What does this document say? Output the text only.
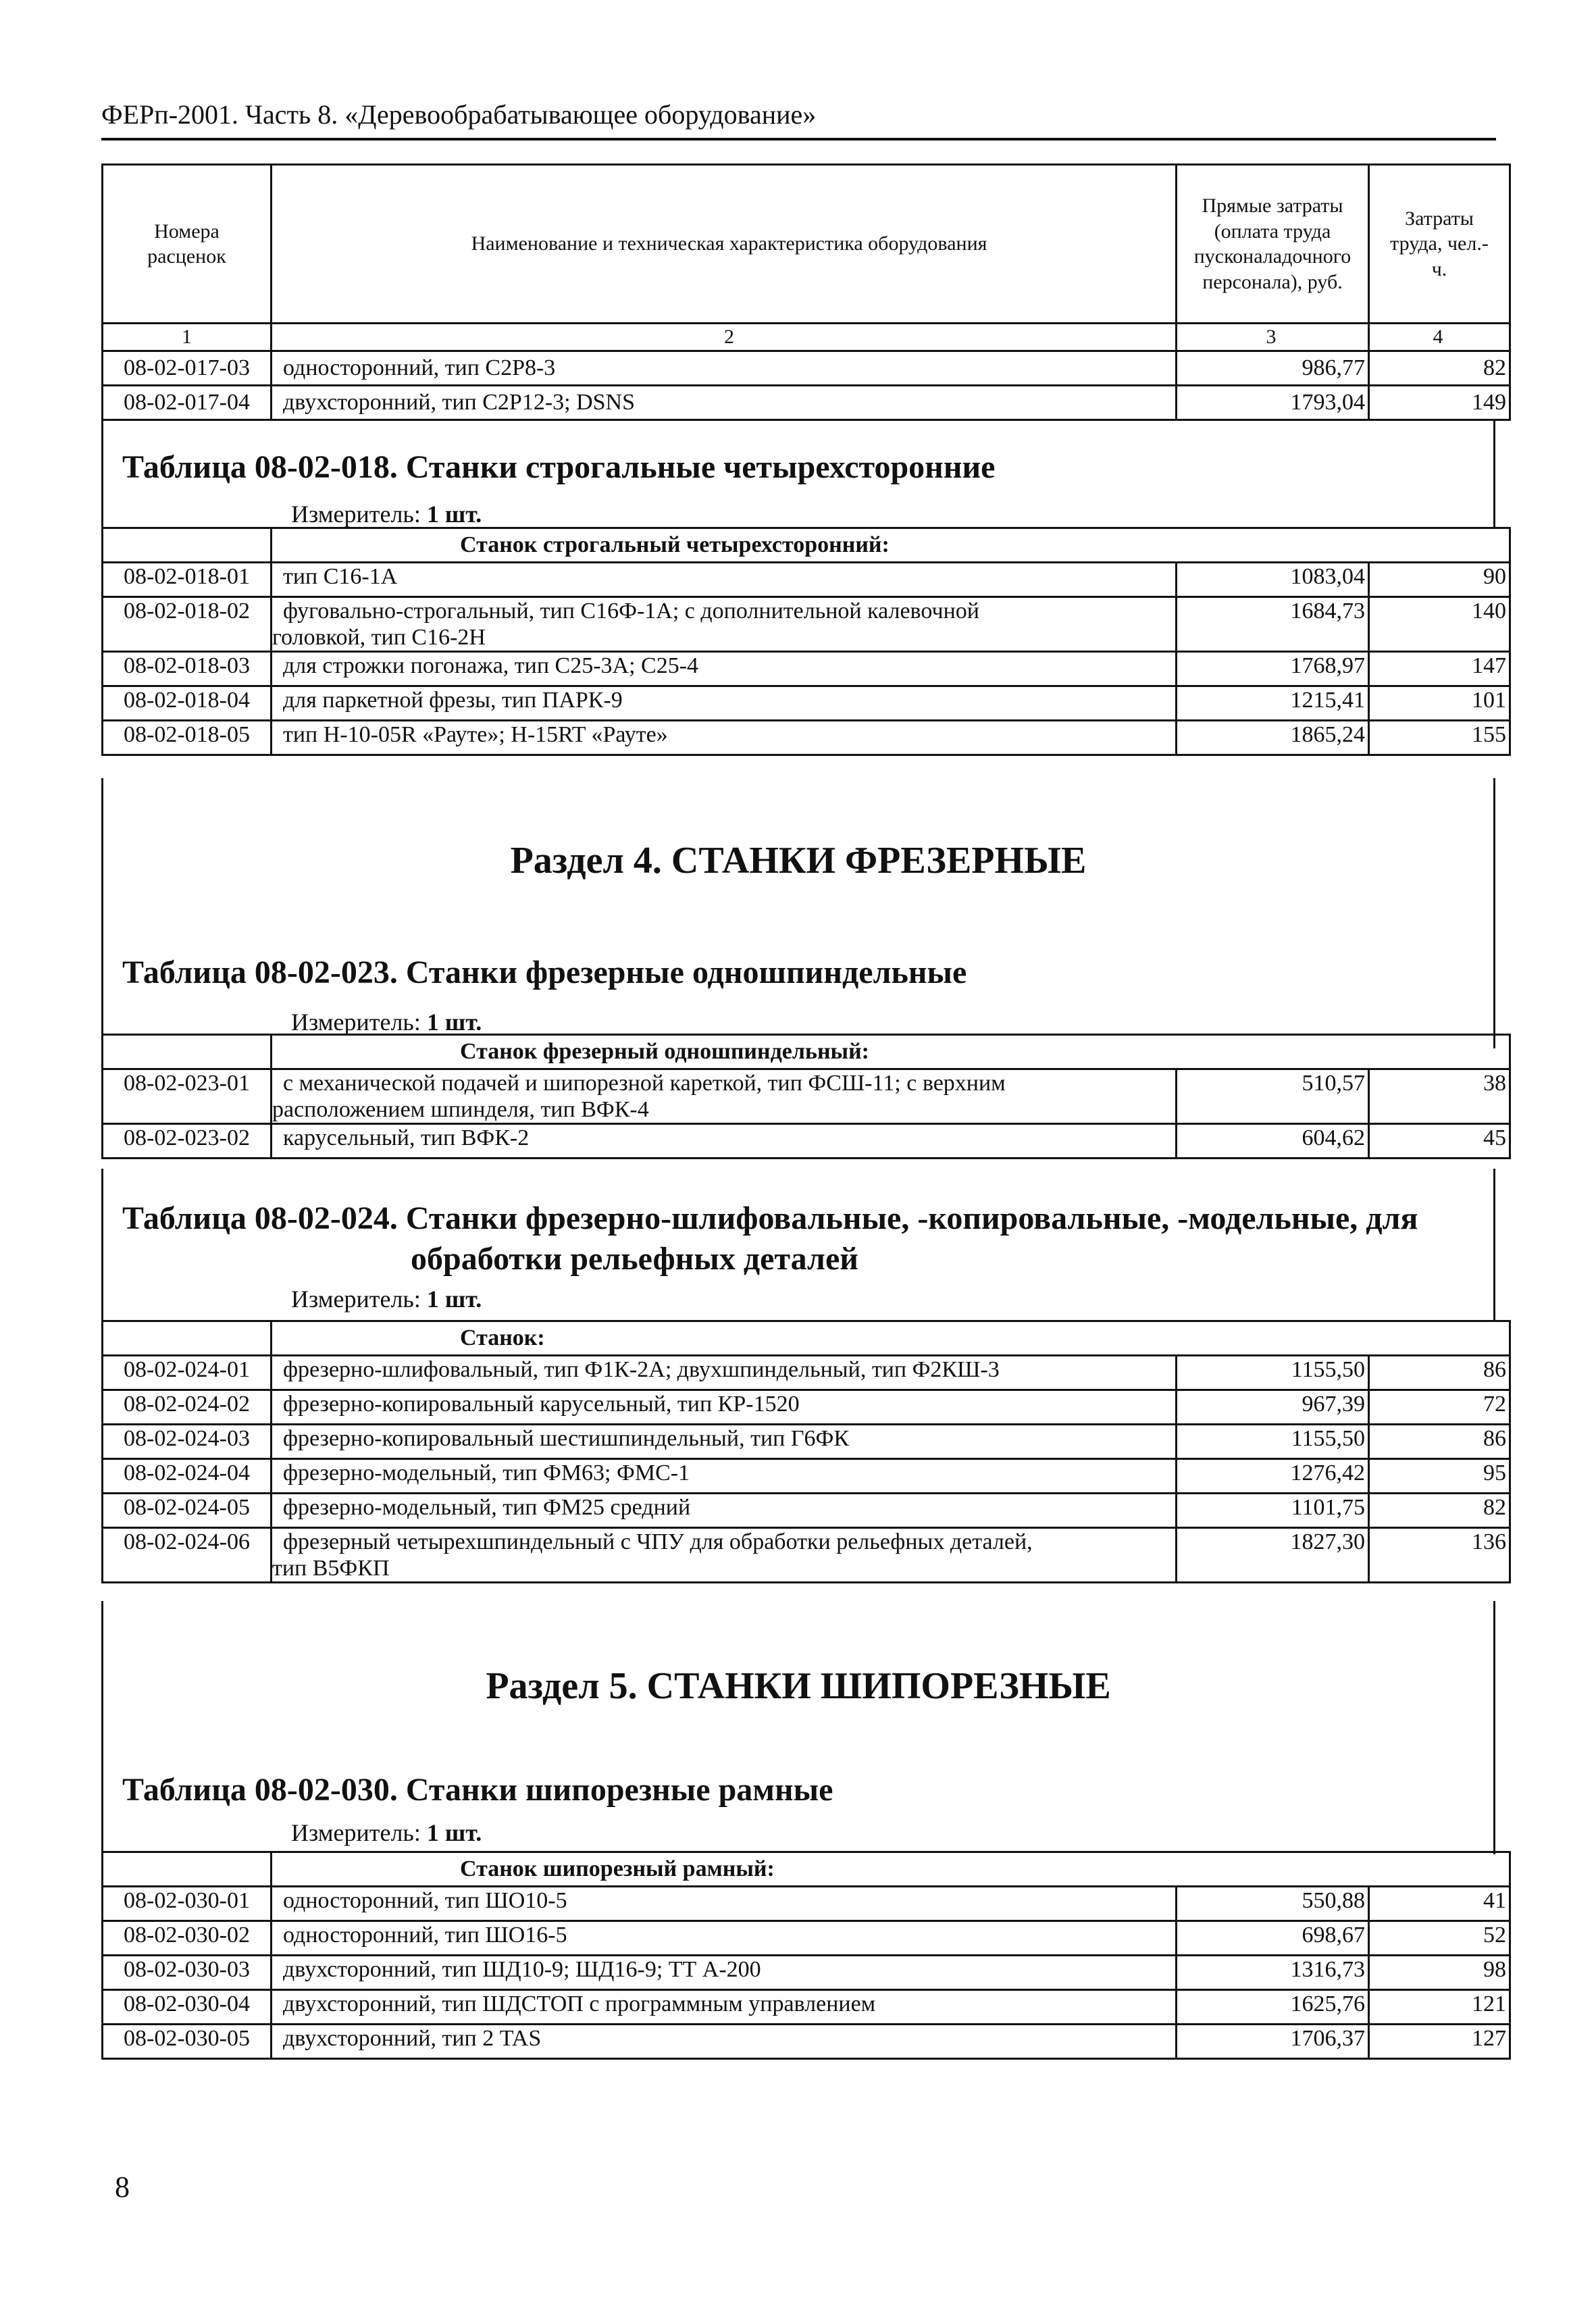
ФЕРп-2001. Часть 8. «Деревообрабатывающее оборудование»
Номера расценок	Наименование и техническая характеристика оборудования	Прямые затраты (оплата труда пусконаладочного персонала), руб.	Затраты труда, чел.-ч.
1	2	3	4
08-02-017-03	односторонний, тип С2Р8-3	986,77	82
08-02-017-04	двухсторонний, тип С2Р12-3; DSNS	1793,04	149
Таблица 08-02-018. Станки строгальные четырехсторонние
Измеритель: 1 шт.
	Станок строгальный четырехсторонний:		
08-02-018-01	тип С16-1А	1083,04	90
08-02-018-02	фуговально-строгальный, тип С16Ф-1А; с дополнительной калевочной
головкой, тип С16-2Н	1684,73	140
08-02-018-03	для строжки погонажа, тип С25-3А; С25-4	1768,97	147
08-02-018-04	для паркетной фрезы, тип ПАРК-9	1215,41	101
08-02-018-05	тип Н-10-05R «Рауте»; Н-15RT «Рауте»	1865,24	155
Раздел 4. СТАНКИ ФРЕЗЕРНЫЕ
Таблица 08-02-023. Станки фрезерные одношпиндельные
Измеритель: 1 шт.
	Станок фрезерный одношпиндельный:		
08-02-023-01	с механической подачей и шипорезной кареткой, тип ФСШ-11; с верхним
расположением шпинделя, тип ВФК-4	510,57	38
08-02-023-02	карусельный, тип ВФК-2	604,62	45
Таблица 08-02-024. Станки фрезерно-шлифовальные, -копировальные, -модельные, для
обработки рельефных деталей
Измеритель: 1 шт.
	Станок:		
08-02-024-01	фрезерно-шлифовальный, тип Ф1К-2А; двухшпиндельный, тип Ф2КШ-3	1155,50	86
08-02-024-02	фрезерно-копировальный карусельный, тип КР-1520	967,39	72
08-02-024-03	фрезерно-копировальный шестишпиндельный, тип Г6ФК	1155,50	86
08-02-024-04	фрезерно-модельный, тип ФМ63; ФМС-1	1276,42	95
08-02-024-05	фрезерно-модельный, тип ФМ25 средний	1101,75	82
08-02-024-06	фрезерный четырехшпиндельный с ЧПУ для обработки рельефных деталей,
тип В5ФКП	1827,30	136
Раздел 5. СТАНКИ ШИПОРЕЗНЫЕ
Таблица 08-02-030. Станки шипорезные рамные
Измеритель: 1 шт.
	Станок шипорезный рамный:		
08-02-030-01	односторонний, тип ШО10-5	550,88	41
08-02-030-02	односторонний, тип ШО16-5	698,67	52
08-02-030-03	двухсторонний, тип ШД10-9; ШД16-9; ТТ А-200	1316,73	98
08-02-030-04	двухсторонний, тип ШДСТОП с программным управлением	1625,76	121
08-02-030-05	двухсторонний, тип 2 TAS	1706,37	127
8
